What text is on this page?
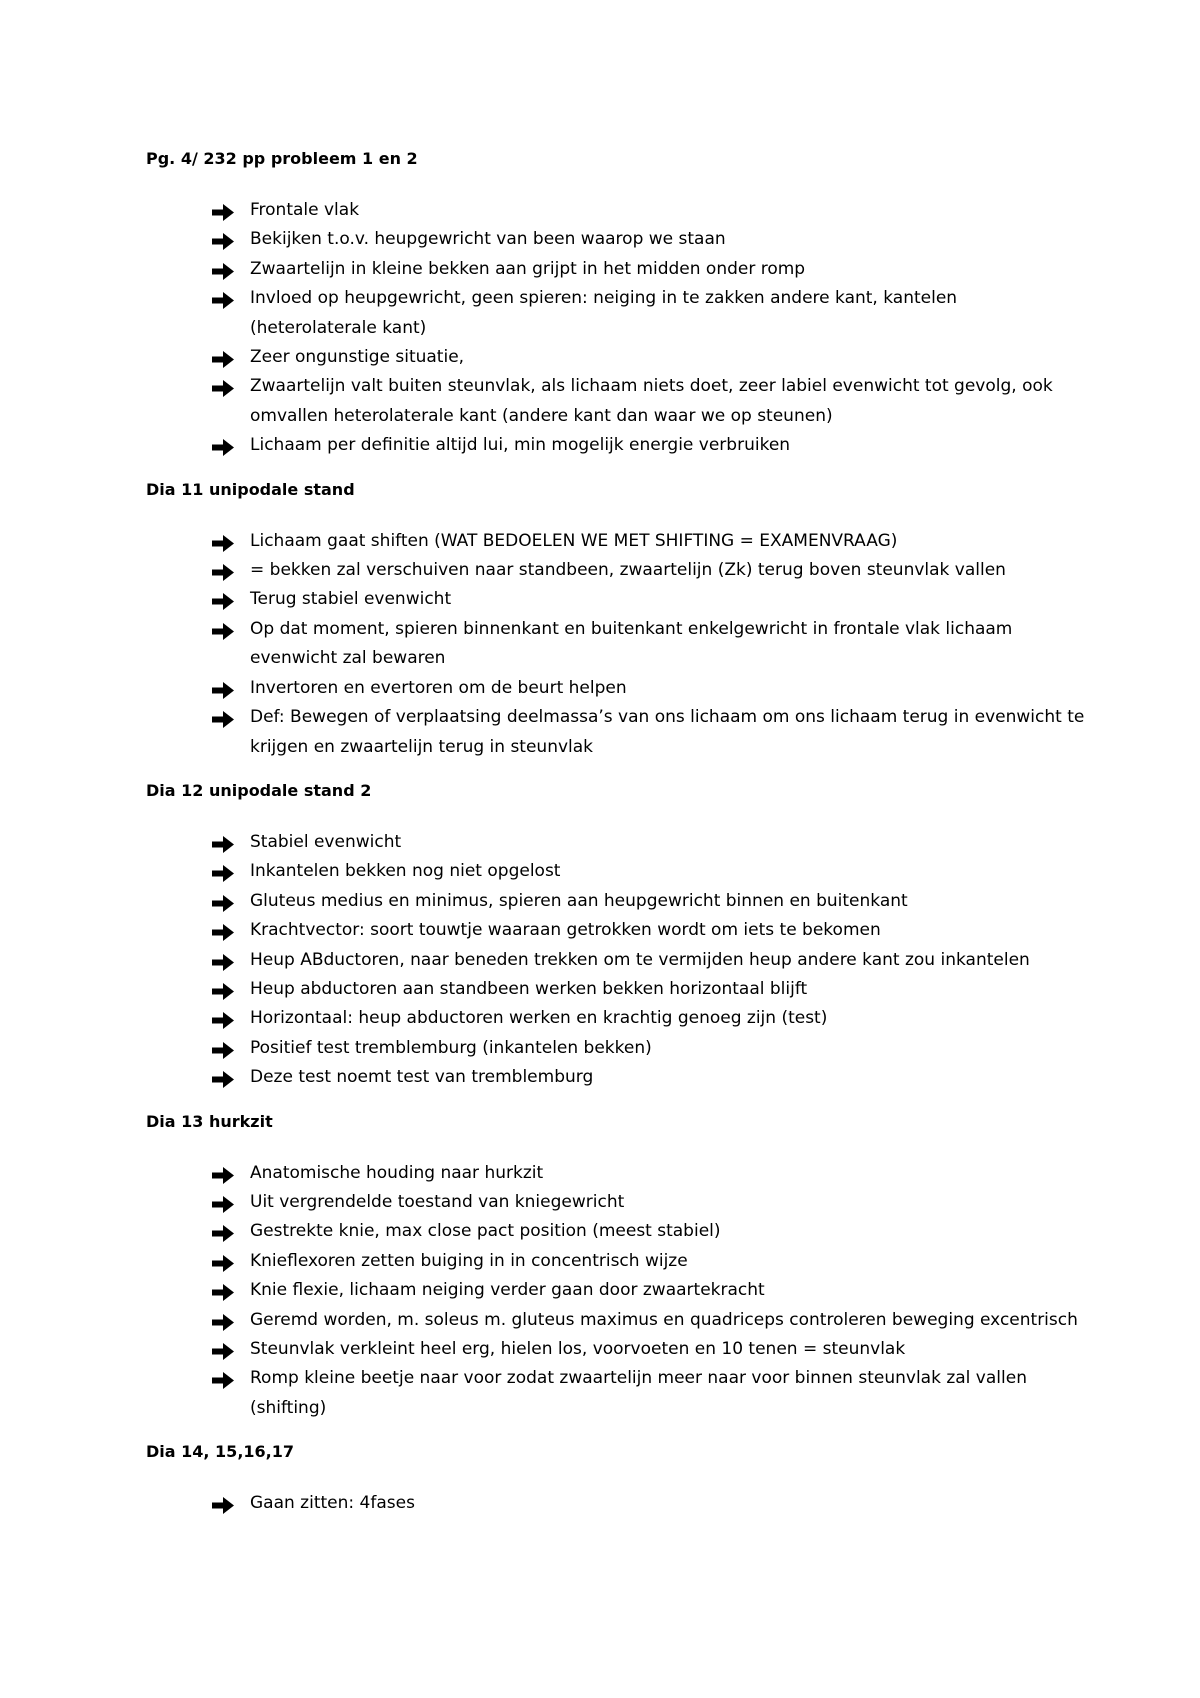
Pg. 4/ 232 pp probleem 1 en 2
Frontale vlak
Bekijken t.o.v. heupgewricht van been waarop we staan
Zwaartelijn in kleine bekken aan grijpt in het midden onder romp
Invloed op heupgewricht, geen spieren: neiging in te zakken andere kant, kantelen (heterolaterale kant)
Zeer ongunstige situatie,
Zwaartelijn valt buiten steunvlak, als lichaam niets doet, zeer labiel evenwicht tot gevolg, ook omvallen heterolaterale kant (andere kant dan waar we op steunen)
Lichaam per definitie altijd lui, min mogelijk energie verbruiken
Dia 11 unipodale stand
Lichaam gaat shiften (WAT BEDOELEN WE MET SHIFTING = EXAMENVRAAG)
= bekken zal verschuiven naar standbeen, zwaartelijn (Zk) terug boven steunvlak vallen
Terug stabiel evenwicht
Op dat moment, spieren binnenkant en buitenkant enkelgewricht in frontale vlak lichaam evenwicht zal bewaren
Invertoren en evertoren om de beurt helpen
Def: Bewegen of verplaatsing deelmassa’s van ons lichaam om ons lichaam terug in evenwicht te krijgen en zwaartelijn terug in steunvlak
Dia 12 unipodale stand 2
Stabiel evenwicht
Inkantelen bekken nog niet opgelost
Gluteus medius en minimus, spieren aan heupgewricht binnen en buitenkant
Krachtvector: soort touwtje waaraan getrokken wordt om iets te bekomen
Heup ABductoren, naar beneden trekken om te vermijden heup andere kant zou inkantelen
Heup abductoren aan standbeen werken bekken horizontaal blijft
Horizontaal: heup abductoren werken en krachtig genoeg zijn (test)
Positief test tremblemburg (inkantelen bekken)
Deze test noemt test van tremblemburg
Dia 13 hurkzit
Anatomische houding naar hurkzit
Uit vergrendelde toestand van kniegewricht
Gestrekte knie, max close pact position (meest stabiel)
Knieflexoren zetten buiging in in concentrisch wijze
Knie flexie, lichaam neiging verder gaan door zwaartekracht
Geremd worden, m. soleus m. gluteus maximus en quadriceps controleren beweging excentrisch
Steunvlak verkleint heel erg, hielen los, voorvoeten en 10 tenen = steunvlak
Romp kleine beetje naar voor zodat zwaartelijn meer naar voor binnen steunvlak zal vallen (shifting)
Dia 14, 15,16,17
Gaan zitten: 4fases
